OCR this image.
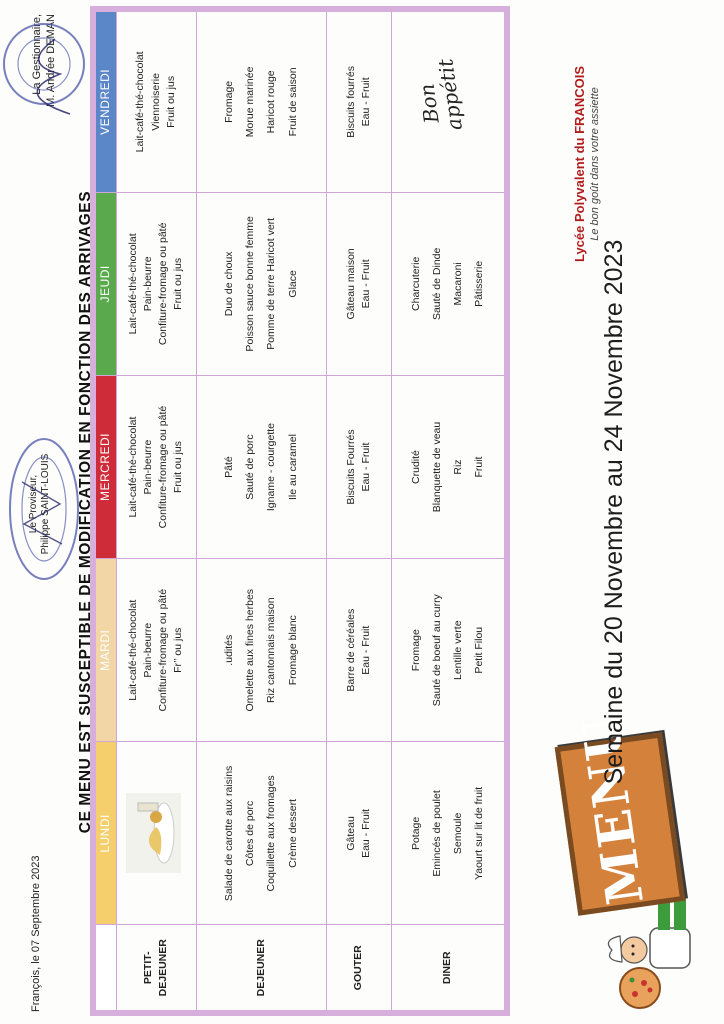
MENU
Lycée Polyvalent du FRANCOIS Le bon goût dans votre assiette
Semaine du 20 Novembre au 24 Novembre 2023
	LUNDI	MARDI	MERCREDI	JEUDI	VENDREDI
PETIT-DEJEUNER		Lait-café-thé-chocolat Pain-beurre Confiture-fromage ou pâté Fr’’ ou jus	Lait-café-thé-chocolat Pain-beurre Confiture-fromage ou pâté Fruit ou jus	Lait-café-thé-chocolat Pain-beurre Confiture-fromage ou pâté Fruit ou jus	Lait-café-thé-chocolat Viennoiserie Fruit ou jus

DEJEUNER	Salade de carotte aux raisins Côtes de porc Coquillette aux fromages Crème dessert	.udités Omelette aux fines herbes Riz cantonnais maison Fromage blanc	Pâté Sauté de porc Igname - courgette Ile au caramel	Duo de choux Poisson sauce bonne femme Pomme de terre Haricot vert Glace	Fromage Morue marinée Haricot rouge Fruit de saison

GOUTER	Gâteau Eau - Fruit	Barre de céréales Eau - Fruit	Biscuits Fourrés Eau - Fruit	Gâteau maison Eau - Fruit	Biscuits fourrés Eau - Fruit

DINER	Potage Emincés de poulet Semoule Yaourt sur lit de fruit	Fromage Sauté de boeuf au curry Lentille verte Petit Filou	Crudité Blanquette de veau Riz Fruit	Charcuterie Sauté de Dinde Macaroni Pâtisserie	Bon appétit
CE MENU EST SUSCEPTIBLE DE MODIFICATION EN FONCTION DES ARRIVAGES
François, le 07 Septembre 2023
Le Proviseur, Philippe SAINT-LOUIS
La Gestionnaire, M. Andrée DEMAN
